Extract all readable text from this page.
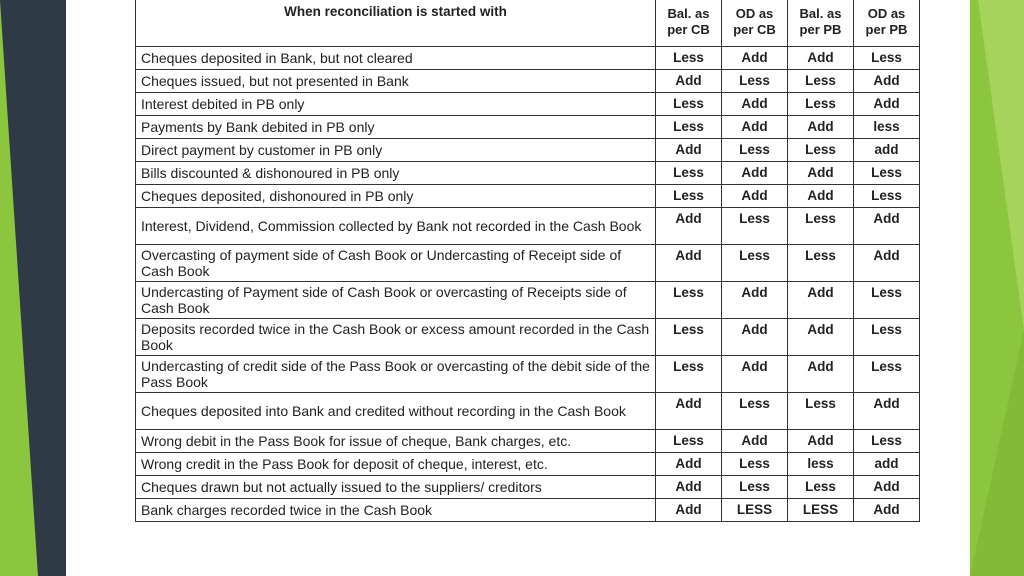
When reconciliation is started with	Bal. as per CB	OD as per CB	Bal. as per PB	OD as per PB
Cheques deposited in Bank, but not cleared	Less	Add	Add	Less
Cheques issued, but not presented in Bank	Add	Less	Less	Add
Interest debited in PB only	Less	Add	Less	Add
Payments by Bank debited in PB only	Less	Add	Add	less
Direct payment by customer in PB only	Add	Less	Less	add
Bills discounted & dishonoured in PB only	Less	Add	Add	Less
Cheques deposited, dishonoured in PB only	Less	Add	Add	Less
Interest, Dividend, Commission collected by Bank not recorded in the Cash Book	Add	Less	Less	Add
Overcasting of payment side of Cash Book or Undercasting of Receipt side of Cash Book	Add	Less	Less	Add
Undercasting of Payment side of Cash Book or overcasting of Receipts side of Cash Book	Less	Add	Add	Less
Deposits recorded twice in the Cash Book or excess amount recorded in the Cash Book	Less	Add	Add	Less
Undercasting of credit side of the Pass Book or overcasting of the debit side of the Pass Book	Less	Add	Add	Less
Cheques deposited into Bank and credited without recording in the Cash Book	Add	Less	Less	Add
Wrong debit in the Pass Book for issue of cheque, Bank charges, etc.	Less	Add	Add	Less
Wrong credit in the Pass Book for deposit of cheque, interest, etc.	Add	Less	less	add
Cheques drawn but not actually issued to the suppliers/ creditors	Add	Less	Less	Add
Bank charges recorded twice in the Cash Book	Add	LESS	LESS	Add
